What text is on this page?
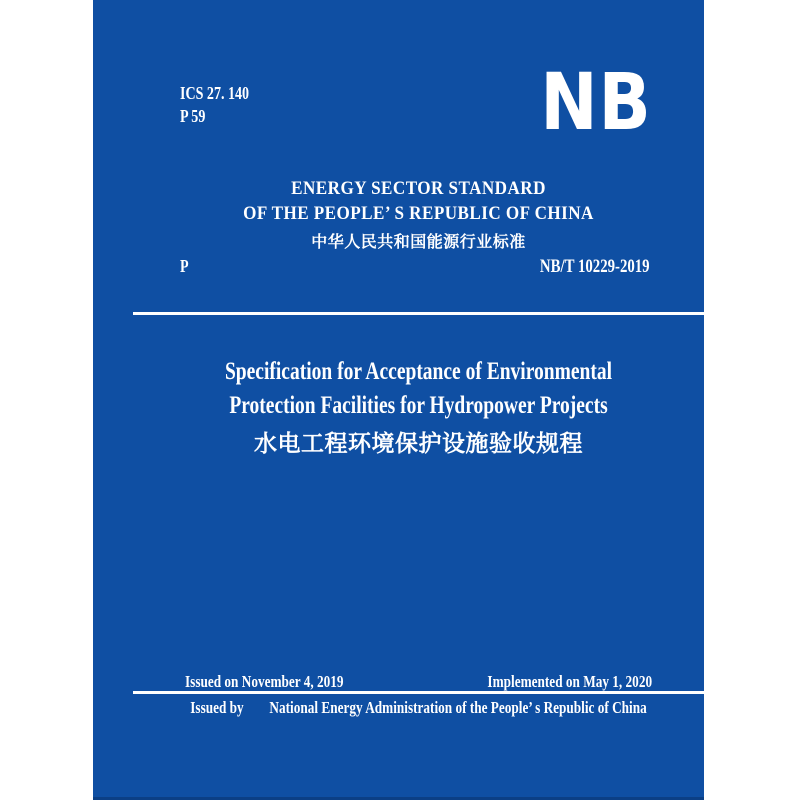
ICS 27. 140
P 59	NB
ENERGY SECTOR STANDARD
OF THE PEOPLE’ S REPUBLIC OF CHINA
中华人民共和国能源行业标准
P	NB/T 10229-2019
Specification for Acceptance of Environmental
Protection Facilities for Hydropower Projects
水电工程环境保护设施验收规程
Issued on November 4, 2019	Implemented on May 1, 2020
Issued by National Energy Administration of the People’ s Republic of China
